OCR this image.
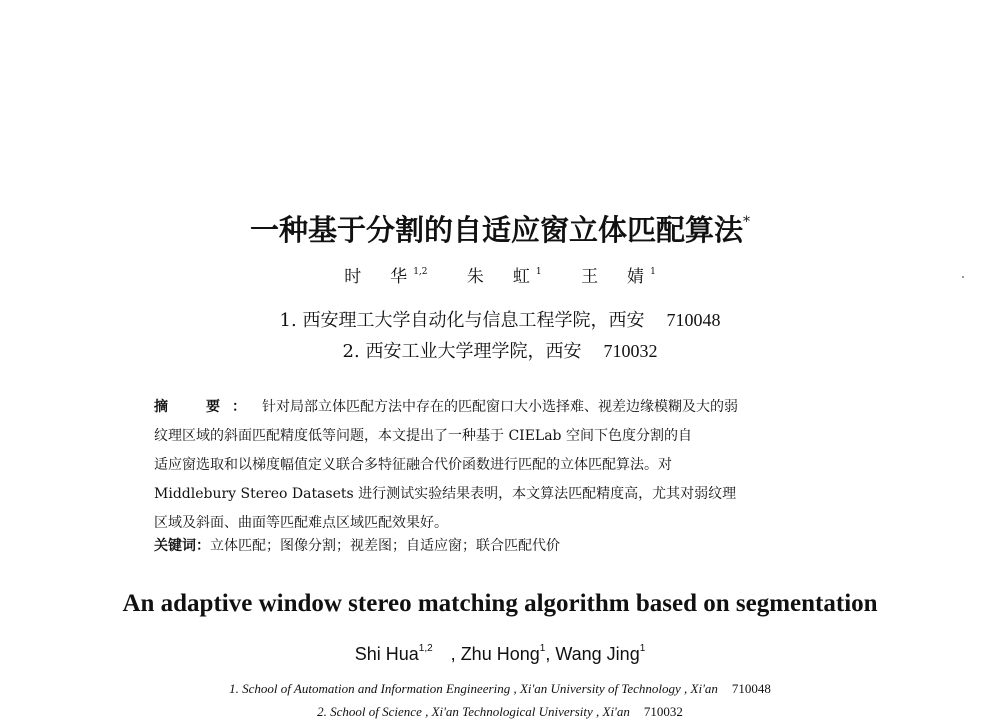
一种基于分割的自适应窗立体匹配算法*
时　华$^{1,2}$ 朱　虹$^1$ 王　婧$^1$
1. 西安理工大学自动化与信息工程学院，西安 710048
2. 西安工业大学理学院，西安 710032
摘　要： 针对局部立体匹配方法中存在的匹配窗口大小选择难、视差边缘模糊及大的弱
纹理区域的斜面匹配精度低等问题，本文提出了一种基于 CIELab 空间下色度分割的自
适应窗选取和以梯度幅值定义联合多特征融合代价函数进行匹配的立体匹配算法。对
Middlebury Stereo Datasets 进行测试实验结果表明，本文算法匹配精度高，尤其对弱纹理
区域及斜面、曲面等匹配难点区域匹配效果好。
关键词：立体匹配；图像分割；视差图；自适应窗；联合匹配代价
An adaptive window stereo matching algorithm based on segmentation
Shi Hua$^{1,2}$　, Zhu Hong$^1$, Wang Jing$^1$
1. School of Automation and Information Engineering , Xi'an University of Technology , Xi'an 710048
2. School of Science , Xi'an Technological University , Xi'an 710032
